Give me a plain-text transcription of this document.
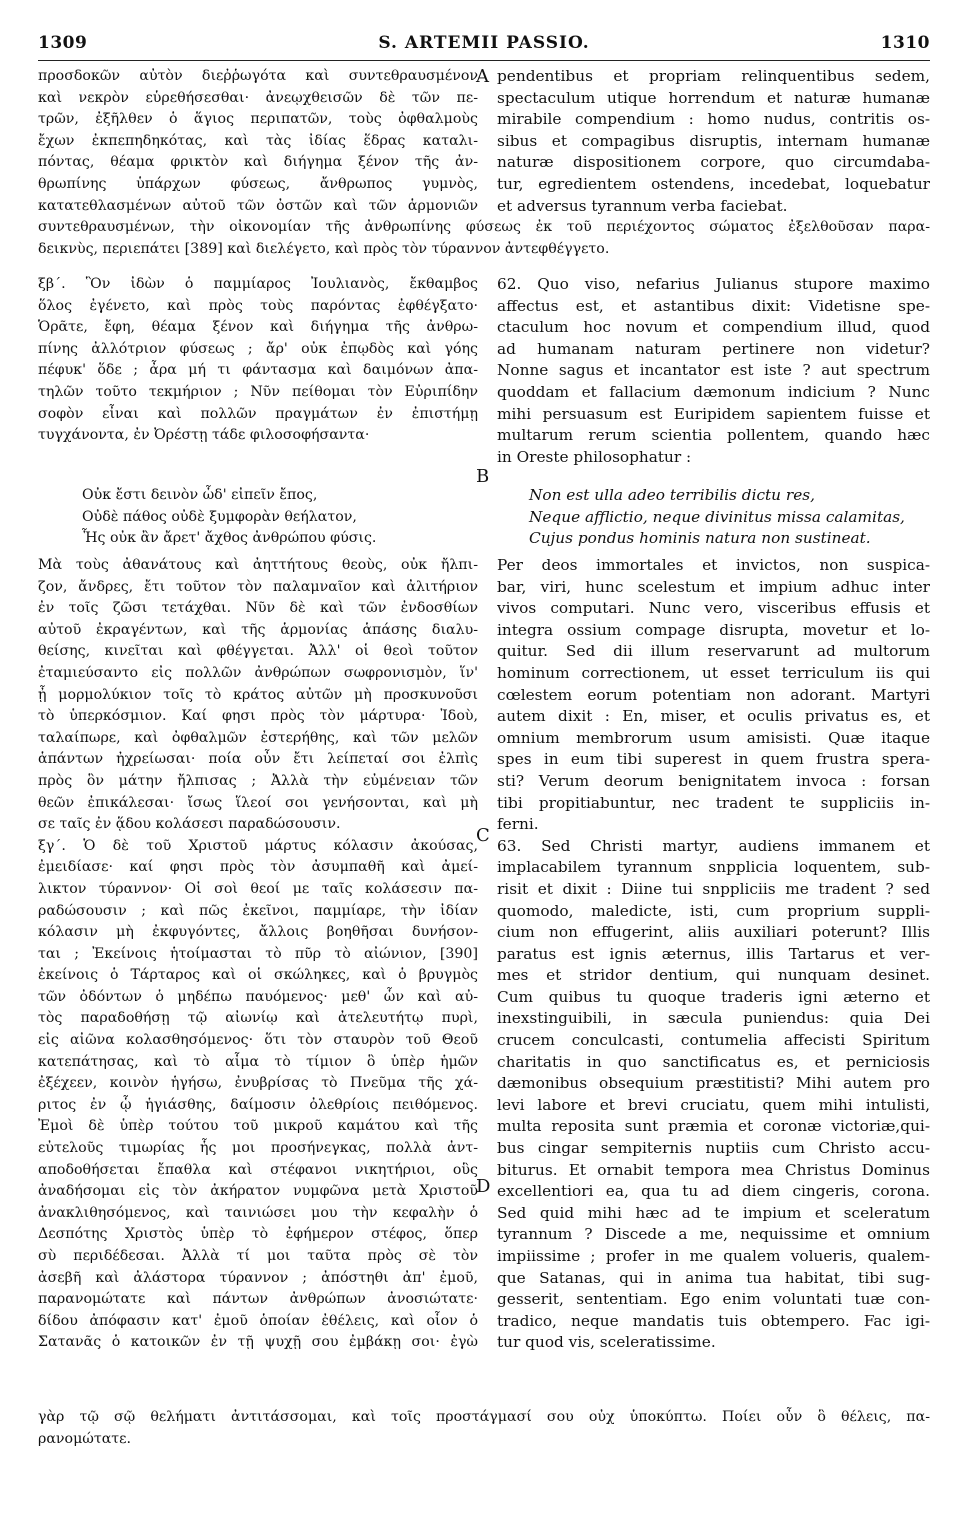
1309	S. ARTEMII PASSIO.	1310
προσδοκῶν αὐτὸν διεῤῥωγότα καὶ συντεθραυσμένον
καὶ νεκρὸν εὑρεθήσεσθαι· ἀνεῳχθεισῶν δὲ τῶν πε-
τρῶν, ἐξῆλθεν ὁ ἅγιος περιπατῶν, τοὺς ὀφθαλμοὺς
ἔχων ἐκπεπηδηκότας, καὶ τὰς ἰδίας ἕδρας καταλι-
πόντας, θέαμα φρικτὸν καὶ διήγημα ξένον τῆς ἀν-
θρωπίνης ὑπάρχων φύσεως, ἄνθρωπος γυμνὸς,
κατατεθλασμένων αὐτοῦ τῶν ὀστῶν καὶ τῶν ἁρμονιῶν
συντεθραυσμένων, τὴν οἰκονομίαν τῆς ἀνθρωπίνης φύσεως ἐκ τοῦ περιέχοντος σώματος ἐξελθοῦσαν παρα-
δεικνὺς, περιεπάτει [389] καὶ διελέγετο, καὶ πρὸς τὸν τύραννον ἀντεφθέγγετο.
ξβ΄. Ὃν ἰδὼν ὁ παμμίαρος Ἰουλιανὸς, ἔκθαμβος
ὅλος ἐγένετο, καὶ πρὸς τοὺς παρόντας ἐφθέγξατο·
Ὁρᾶτε, ἔφη, θέαμα ξένον καὶ διήγημα τῆς ἀνθρω-
πίνης ἀλλότριον φύσεως ; ἄρ' οὐκ ἐπῳδὸς καὶ γόης
πέφυκ' ὅδε ; ἆρα μή τι φάντασμα καὶ δαιμόνων ἀπα-
τηλῶν τοῦτο τεκμήριον ; Νῦν πείθομαι τὸν Εὐριπίδην
σοφὸν εἶναι καὶ πολλῶν πραγμάτων ἐν ἐπιστήμῃ
τυγχάνοντα, ἐν Ὀρέστῃ τάδε φιλοσοφήσαντα·
Οὐκ ἔστι δεινὸν ὧδ' εἰπεῖν ἔπος,
Οὐδὲ πάθος οὐδὲ ξυμφορὰν θεήλατον,
Ἧς οὐκ ἂν ἄρετ' ἄχθος ἀνθρώπου φύσις.
Μὰ τοὺς ἀθανάτους καὶ ἀηττήτους θεοὺς, οὐκ ἤλπι-
ζον, ἄνδρες, ἔτι τοῦτον τὸν παλαμναῖον καὶ ἀλιτήριον
ἐν τοῖς ζῶσι τετάχθαι. Νῦν δὲ καὶ τῶν ἐνδοσθίων
αὐτοῦ ἐκραγέντων, καὶ τῆς ἁρμονίας ἁπάσης διαλυ-
θείσης, κινεῖται καὶ φθέγγεται. Ἀλλ' οἱ θεοὶ τοῦτον
ἐταμιεύσαντο εἰς πολλῶν ἀνθρώπων σωφρονισμὸν, ἵν'
ᾖ μορμολύκιον τοῖς τὸ κράτος αὐτῶν μὴ προσκυνοῦσι
τὸ ὑπερκόσμιον. Καί φησι πρὸς τὸν μάρτυρα· Ἰδοὺ,
ταλαίπωρε, καὶ ὀφθαλμῶν ἐστερήθης, καὶ τῶν μελῶν
ἁπάντων ἠχρείωσαι· ποία οὖν ἔτι λείπεταί σοι ἐλπὶς
πρὸς ὃν μάτην ἤλπισας ; Ἀλλὰ τὴν εὐμένειαν τῶν
θεῶν ἐπικάλεσαι· ἴσως ἵλεοί σοι γενήσονται, καὶ μὴ
σε ταῖς ἐν ᾅδου κολάσεσι παραδώσουσιν.
ξγ΄. Ὁ δὲ τοῦ Χριστοῦ μάρτυς κόλασιν ἀκούσας,
ἐμειδίασε· καί φησι πρὸς τὸν ἀσυμπαθῆ καὶ ἀμεί-
λικτον τύραννον· Οἱ σοὶ θεοί με ταῖς κολάσεσιν πα-
ραδώσουσιν ; καὶ πῶς ἐκεῖνοι, παμμίαρε, τὴν ἰδίαν
κόλασιν μὴ ἐκφυγόντες, ἄλλοις βοηθῆσαι δυνήσον-
ται ; Ἐκείνοις ἡτοίμασται τὸ πῦρ τὸ αἰώνιον, [390]
ἐκείνοις ὁ Τάρταρος καὶ οἱ σκώληκες, καὶ ὁ βρυγμὸς
τῶν ὀδόντων ὁ μηδέπω παυόμενος· μεθ' ὧν καὶ αὐ-
τὸς παραδοθήσῃ τῷ αἰωνίῳ καὶ ἀτελευτήτῳ πυρὶ,
εἰς αἰῶνα κολασθησόμενος· ὅτι τὸν σταυρὸν τοῦ Θεοῦ
κατεπάτησας, καὶ τὸ αἷμα τὸ τίμιον ὃ ὑπὲρ ἡμῶν
ἐξέχεεν, κοινὸν ἡγήσω, ἐνυβρίσας τὸ Πνεῦμα τῆς χά-
ριτος ἐν ᾧ ἡγιάσθης, δαίμοσιν ὀλεθρίοις πειθόμενος.
Ἐμοὶ δὲ ὑπὲρ τούτου τοῦ μικροῦ καμάτου καὶ τῆς
εὐτελοῦς τιμωρίας ἧς μοι προσήνεγκας, πολλὰ ἀντ-
αποδοθήσεται ἔπαθλα καὶ στέφανοι νικητήριοι, οὓς
ἀναδήσομαι εἰς τὸν ἀκήρατον νυμφῶνα μετὰ Χριστοῦ
ἀνακλιθησόμενος, καὶ ταινιώσει μου τὴν κεφαλὴν ὁ
Δεσπότης Χριστὸς ὑπὲρ τὸ ἐφήμερον στέφος, ὅπερ
σὺ περιδέδεσαι. Ἀλλὰ τί μοι ταῦτα πρὸς σὲ τὸν
ἀσεβῆ καὶ ἀλάστορα τύραννον ; ἀπόστηθι ἀπ' ἐμοῦ,
παρανομώτατε καὶ πάντων ἀνθρώπων ἀνοσιώτατε·
δίδου ἀπόφασιν κατ' ἐμοῦ ὁποίαν ἐθέλεις, καὶ οἷον ὁ
Σατανᾶς ὁ κατοικῶν ἐν τῇ ψυχῇ σου ἐμβάκῃ σοι· ἐγὼ
γὰρ τῷ σῷ θελήματι ἀντιτάσσομαι, καὶ τοῖς προστάγμασί σου οὐχ ὑποκύπτω. Ποίει οὖν ὃ θέλεις, πα-
ρανομώτατε.
pendentibus et propriam relinquentibus sedem,
spectaculum utique horrendum et naturæ humanæ
mirabile compendium : homo nudus, contritis os-
sibus et compagibus disruptis, internam humanæ
naturæ dispositionem corpore, quo circumdaba-
tur, egredientem ostendens, incedebat, loquebatur
et adversus tyrannum verba faciebat.
62. Quo viso, nefarius Julianus stupore maximo
affectus est, et astantibus dixit: Videtisne spe-
ctaculum hoc novum et compendium illud, quod
ad humanam naturam pertinere non videtur?
Nonne sagus et incantator est iste ? aut spectrum
quoddam et fallacium dæmonum indicium ? Nunc
mihi persuasum est Euripidem sapientem fuisse et
multarum rerum scientia pollentem, quando hæc
in Oreste philosophatur :
Non est ulla adeo terribilis dictu res,
Neque afflictio, neque divinitus missa calamitas,
Cujus pondus hominis natura non sustineat.
Per deos immortales et invictos, non suspica-
bar, viri, hunc scelestum et impium adhuc inter
vivos computari. Nunc vero, visceribus effusis et
integra ossium compage disrupta, movetur et lo-
quitur. Sed dii illum reservarunt ad multorum
hominum correctionem, ut esset terriculum iis qui
cœlestem eorum potentiam non adorant. Martyri
autem dixit : En, miser, et oculis privatus es, et
omnium membrorum usum amisisti. Quæ itaque
spes in eum tibi superest in quem frustra spera-
sti? Verum deorum benignitatem invoca : forsan
tibi propitiabuntur, nec tradent te suppliciis in-
ferni.
63. Sed Christi martyr, audiens immanem et
implacabilem tyrannum snpplicia loquentem, sub-
risit et dixit : Diine tui snppliciis me tradent ? sed
quomodo, maledicte, isti, cum proprium suppli-
cium non effugerint, aliis auxiliari poterunt? Illis
paratus est ignis æternus, illis Tartarus et ver-
mes et stridor dentium, qui nunquam desinet.
Cum quibus tu quoque traderis igni æterno et
inexstinguibili, in sæcula puniendus: quia Dei
crucem conculcasti, contumelia affecisti Spiritum
charitatis in quo sanctificatus es, et perniciosis
dæmonibus obsequium præstitisti? Mihi autem pro
levi labore et brevi cruciatu, quem mihi intulisti,
multa reposita sunt præmia et coronæ victoriæ,qui-
bus cingar sempiternis nuptiis cum Christo accu-
biturus. Et ornabit tempora mea Christus Dominus
excellentiori ea, qua tu ad diem cingeris, corona.
Sed quid mihi hæc ad te impium et sceleratum
tyrannum ? Discede a me, nequissime et omnium
impiissime ; profer in me qualem volueris, qualem-
que Satanas, qui in anima tua habitat, tibi sug-
gesserit, sententiam. Ego enim voluntati tuæ con-
tradico, neque mandatis tuis obtempero. Fac igi-
tur quod vis, sceleratissime.
A
B
C
D
